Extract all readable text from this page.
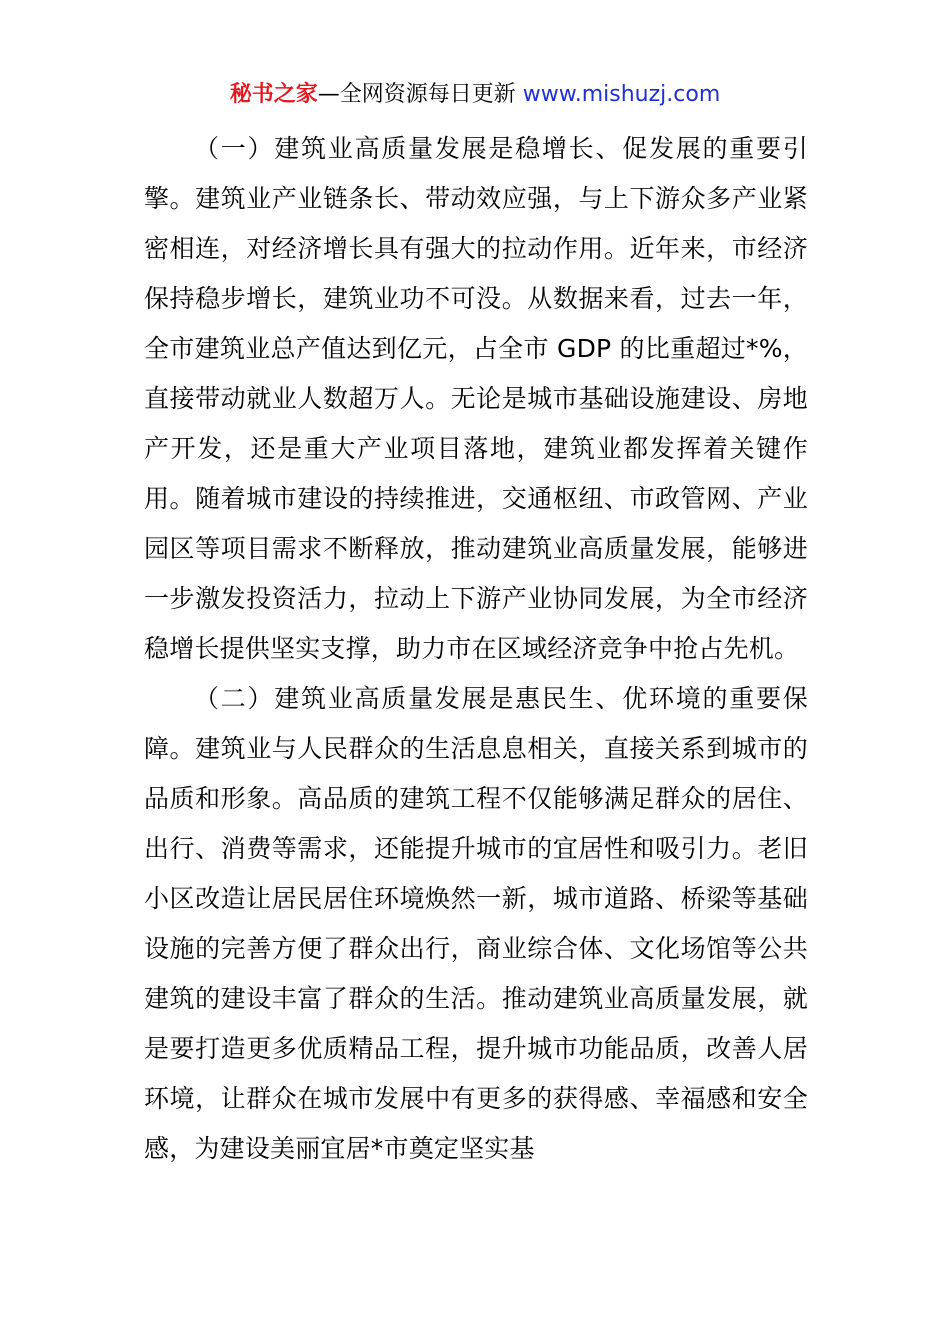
秘书之家—全网资源每日更新 www.mishuzj.com

（一）建筑业高质量发展是稳增长、促发展的重要引擎。建筑业产业链条长、带动效应强，与上下游众多产业紧密相连，对经济增长具有强大的拉动作用。近年来，市经济保持稳步增长，建筑业功不可没。从数据来看，过去一年，全市建筑业总产值达到亿元，占全市 GDP 的比重超过*%，直接带动就业人数超万人。无论是城市基础设施建设、房地产开发，还是重大产业项目落地，建筑业都发挥着关键作用。随着城市建设的持续推进，交通枢纽、市政管网、产业园区等项目需求不断释放，推动建筑业高质量发展，能够进一步激发投资活力，拉动上下游产业协同发展，为全市经济稳增长提供坚实支撑，助力市在区域经济竞争中抢占先机。

（二）建筑业高质量发展是惠民生、优环境的重要保障。建筑业与人民群众的生活息息相关，直接关系到城市的品质和形象。高品质的建筑工程不仅能够满足群众的居住、出行、消费等需求，还能提升城市的宜居性和吸引力。老旧小区改造让居民居住环境焕然一新，城市道路、桥梁等基础设施的完善方便了群众出行，商业综合体、文化场馆等公共建筑的建设丰富了群众的生活。推动建筑业高质量发展，就是要打造更多优质精品工程，提升城市功能品质，改善人居环境，让群众在城市发展中有更多的获得感、幸福感和安全感，为建设美丽宜居*市奠定坚实基
